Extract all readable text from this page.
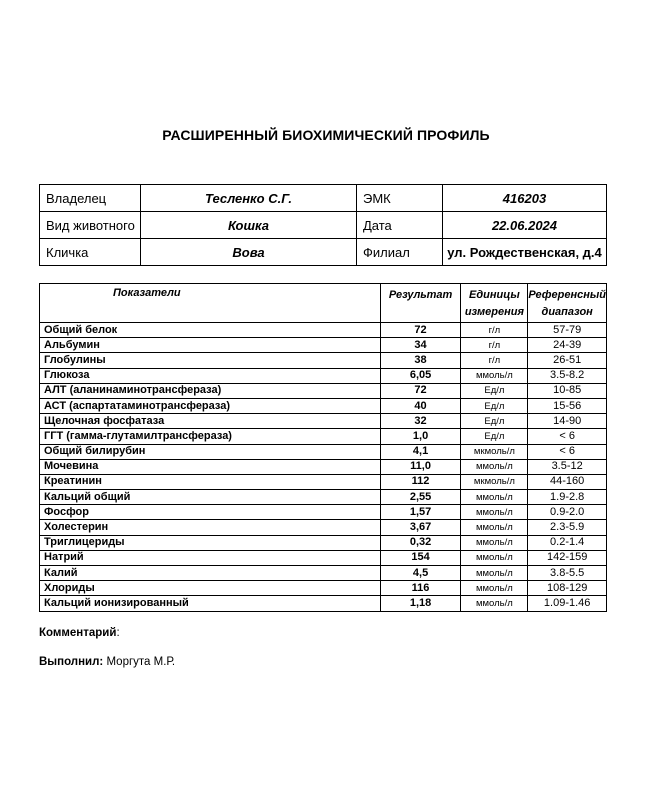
РАСШИРЕННЫЙ БИОХИМИЧЕСКИЙ ПРОФИЛЬ
Владелец	Тесленко С.Г.	ЭМК	416203
Вид животного	Кошка	Дата	22.06.2024
Кличка	Вова	Филиал	ул. Рождественская, д.4
Показатели	Результат	Единицы измерения	Референсный диапазон
Общий белок	72	г/л	57-79
Альбумин	34	г/л	24-39
Глобулины	38	г/л	26-51
Глюкоза	6,05	ммоль/л	3.5-8.2
АЛТ (аланинаминотрансфераза)	72	Ед/л	10-85
АСТ (аспартатаминотрансфераза)	40	Ед/л	15-56
Щелочная фосфатаза	32	Ед/л	14-90
ГГТ (гамма-глутамилтрансфераза)	1,0	Ед/л	< 6
Общий билирубин	4,1	мкмоль/л	< 6
Мочевина	11,0	ммоль/л	3.5-12
Креатинин	112	мкмоль/л	44-160
Кальций общий	2,55	ммоль/л	1.9-2.8
Фосфор	1,57	ммоль/л	0.9-2.0
Холестерин	3,67	ммоль/л	2.3-5.9
Триглицериды	0,32	ммоль/л	0.2-1.4
Натрий	154	ммоль/л	142-159
Калий	4,5	ммоль/л	3.8-5.5
Хлориды	116	ммоль/л	108-129
Кальций ионизированный	1,18	ммоль/л	1.09-1.46
Комментарий:
Выполнил: Моргута М.Р.
